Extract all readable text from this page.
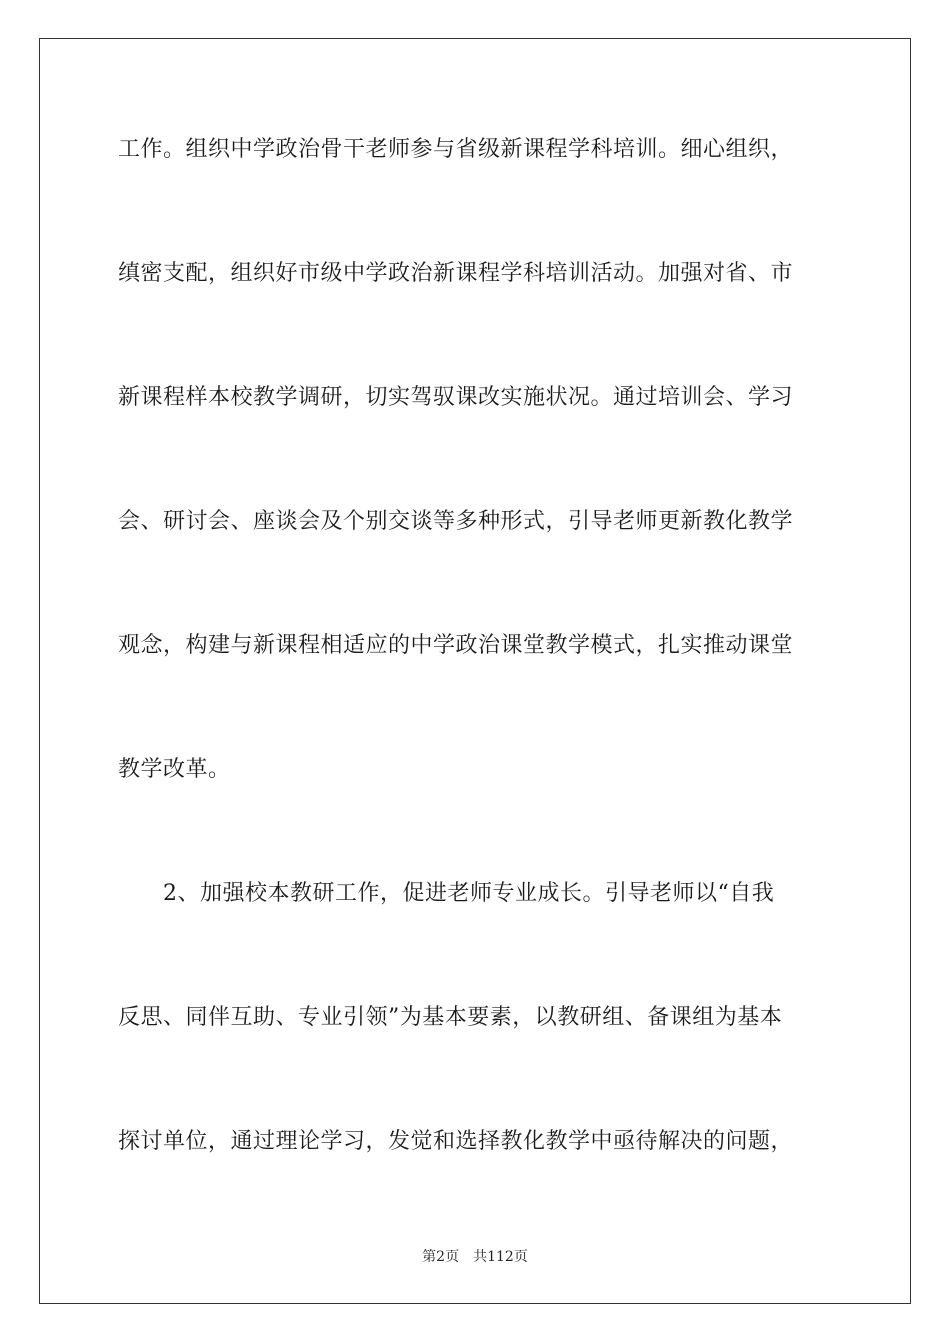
工作。组织中学政治骨干老师参与省级新课程学科培训。细心组织，
缜密支配，组织好市级中学政治新课程学科培训活动。加强对省、市
新课程样本校教学调研，切实驾驭课改实施状况。通过培训会、学习
会、研讨会、座谈会及个别交谈等多种形式，引导老师更新教化教学
观念，构建与新课程相适应的中学政治课堂教学模式，扎实推动课堂
教学改革。
　　2、加强校本教研工作，促进老师专业成长。引导老师以“自我
反思、同伴互助、专业引领”为基本要素，以教研组、备课组为基本
探讨单位，通过理论学习，发觉和选择教化教学中亟待解决的问题，
第2页 共112页
